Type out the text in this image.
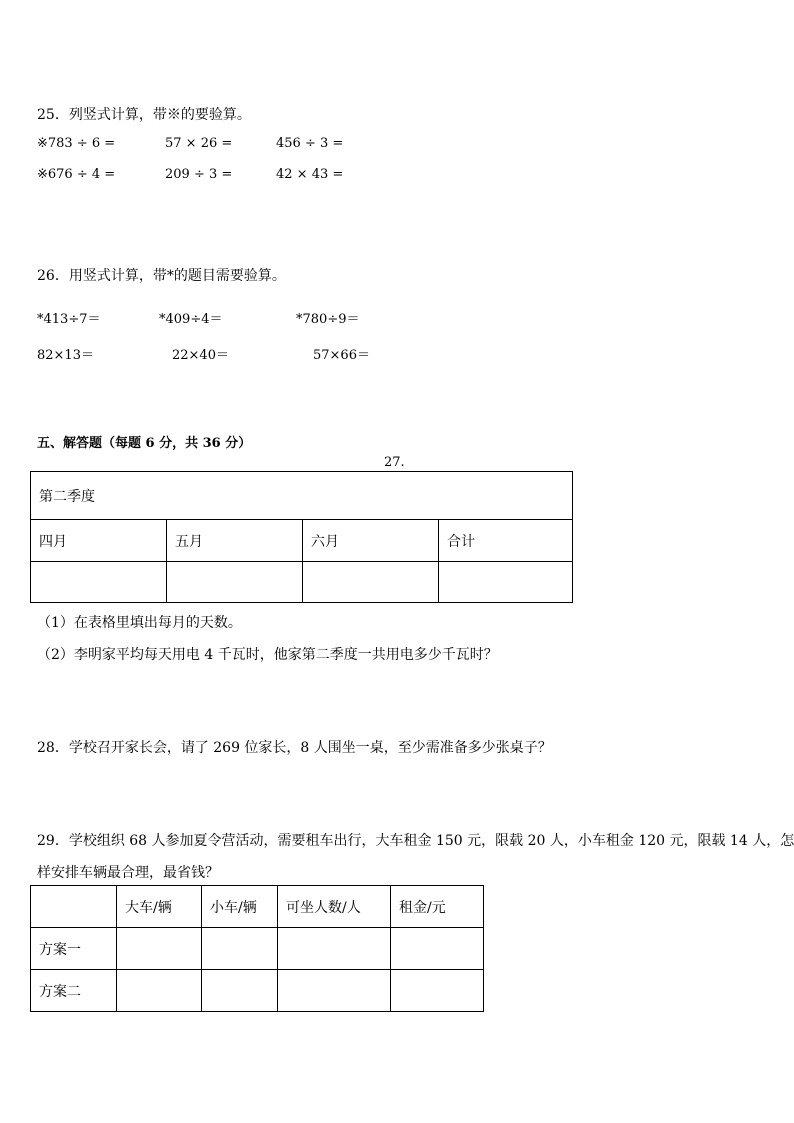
25．列竖式计算，带※的要验算。
※783 ÷ 6 =	57 × 26 =	456 ÷ 3 =
※676 ÷ 4 =	209 ÷ 3 =	42 × 43 =
26．用竖式计算，带*的题目需要验算。
*413÷7＝	*409÷4＝	*780÷9＝
82×13＝	22×40＝	57×66＝
五、解答题（每题 6 分，共 36 分）
27.
第二季度			
四月	五月	六月	合计

（1）在表格里填出每月的天数。
（2）李明家平均每天用电 4 千瓦时，他家第二季度一共用电多少千瓦时？
28．学校召开家长会，请了 269 位家长，8 人围坐一桌，至少需准备多少张桌子？
29．学校组织 68 人参加夏令营活动，需要租车出行，大车租金 150 元，限载 20 人，小车租金 120 元，限载 14 人，怎
样安排车辆最合理，最省钱？
	大车/辆	小车/辆	可坐人数/人	租金/元
方案一				
方案二				
